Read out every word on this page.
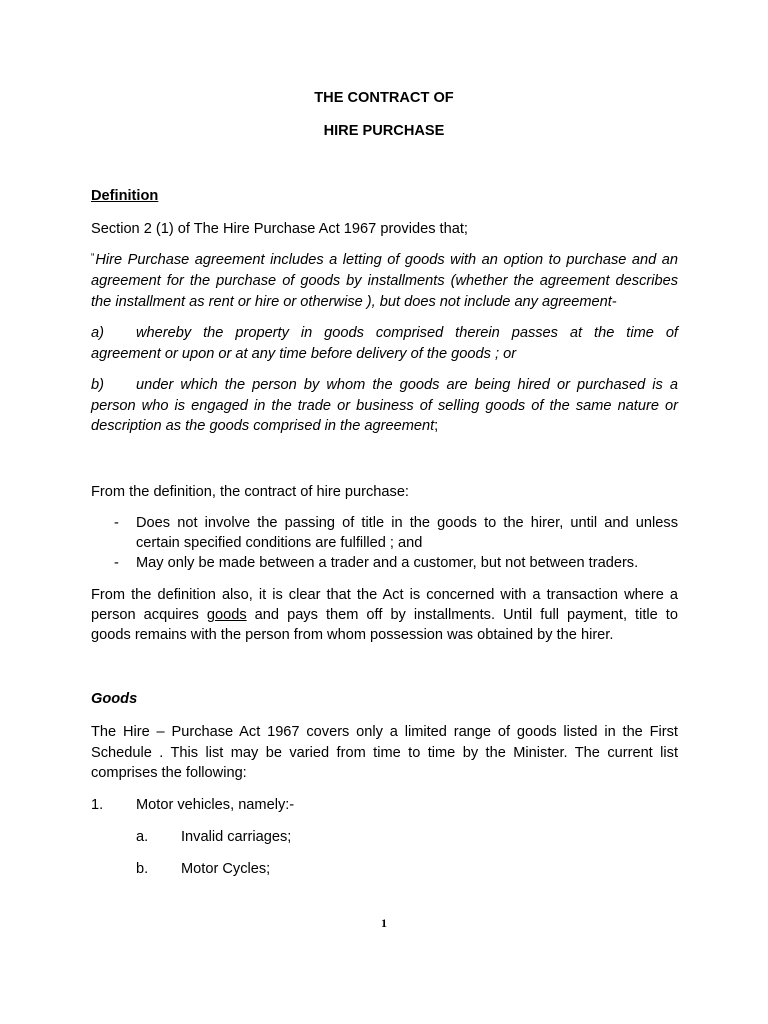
THE CONTRACT OF

HIRE PURCHASE

Definition

Section 2 (1) of The Hire Purchase Act 1967 provides that;

“Hire Purchase agreement includes a letting of goods with an option to purchase and an

agreement for the purchase of goods by installments (whether the agreement describes

the installment as rent or hire or otherwise ), but does not include any agreement-

a) whereby the property in goods comprised therein passes at the time of

agreement or upon or at any time before delivery of the goods ; or

b) under which the person by whom the goods are being hired or purchased is a

person who is engaged in the trade or business of selling goods of the same nature or

description as the goods comprised in the agreement;

From the definition, the contract of hire purchase:

- Does not involve the passing of title in the goods to the hirer, until and unless

certain specified conditions are fulfilled ; and

- May only be made between a trader and a customer, but not between traders.

From the definition also, it is clear that the Act is concerned with a transaction where a

person acquires goods and pays them off by installments. Until full payment, title to

goods remains with the person from whom possession was obtained by the hirer.

Goods

The Hire – Purchase Act 1967 covers only a limited range of goods listed in the First

Schedule . This list may be varied from time to time by the Minister. The current list

comprises the following:

1. Motor vehicles, namely:-

a. Invalid carriages;

b. Motor Cycles;

1
